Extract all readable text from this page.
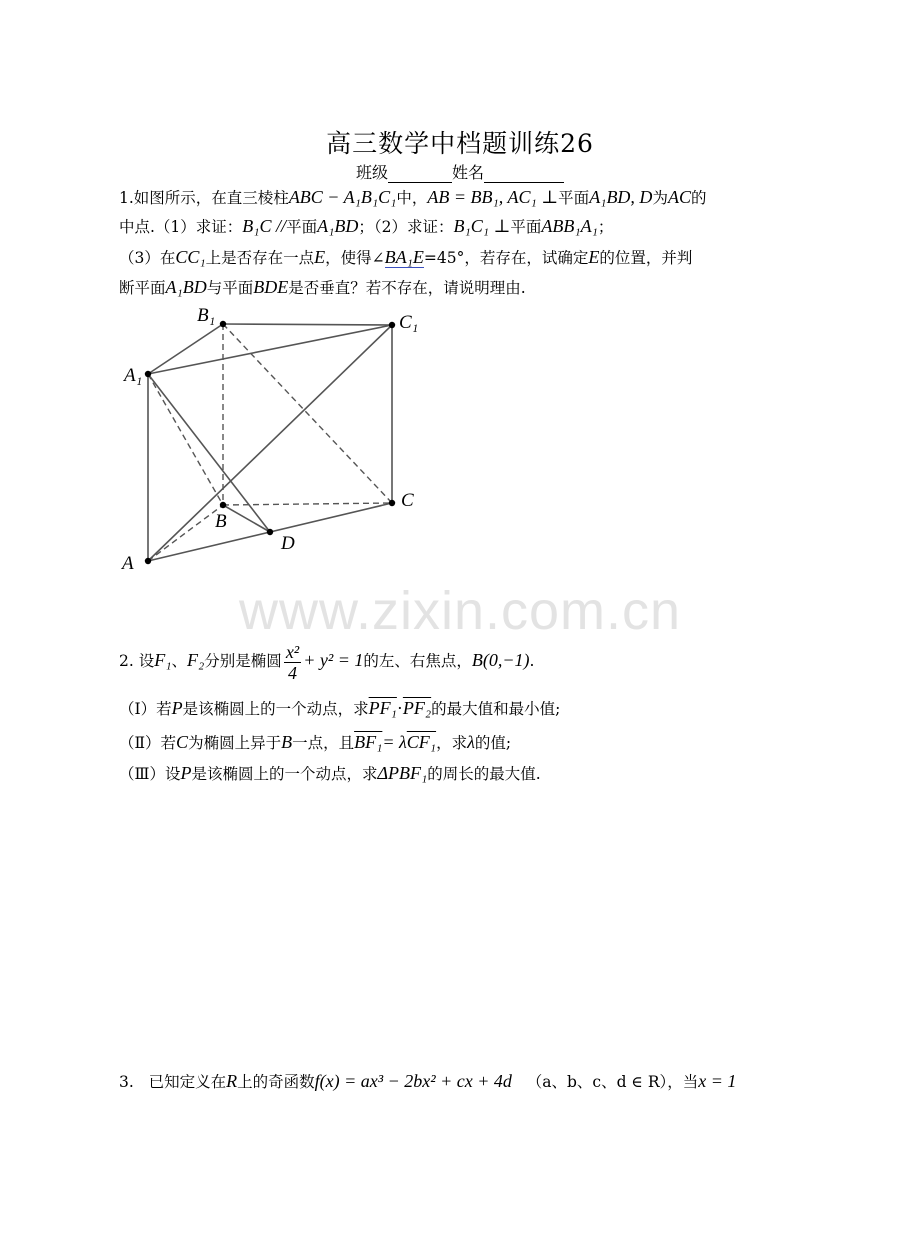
高三数学中档题训练26
班级	姓名
1.如图所示，在直三棱柱ABC − A₁B₁C₁中，AB = BB₁, AC₁ ⊥平面A₁BD, D为AC的
中点.（1）求证：B₁C //平面A₁BD；（2）求证：B₁C₁ ⊥平面ABB₁A₁；
（3）在CC₁上是否存在一点E，使得∠BA₁E=45°，若存在，试确定E的位置，并判
断平面A₁BD与平面BDE是否垂直？若不存在，请说明理由.
B₁	C₁
A₁
B
C
A
D
www.zixin.com.cn
2. 设F₁、F₂分别是椭圆 $\frac{\text{x²}}{4} + y^2 = 1$的左、右焦点，B(0,−1).
（Ⅰ）若P是该椭圆上的一个动点，求PF₁·PF₂的最大值和最小值;
（Ⅱ）若C为椭圆上异于B一点，且BF₁= λCF₁，求λ的值;
（Ⅲ）设P是该椭圆上的一个动点，求ΔPBF₁的周长的最大值.
3. 已知定义在R上的奇函数f(x) = ax³ − 2bx² + cx + 4d （a、b、c、d ∈ R），当x = 1
